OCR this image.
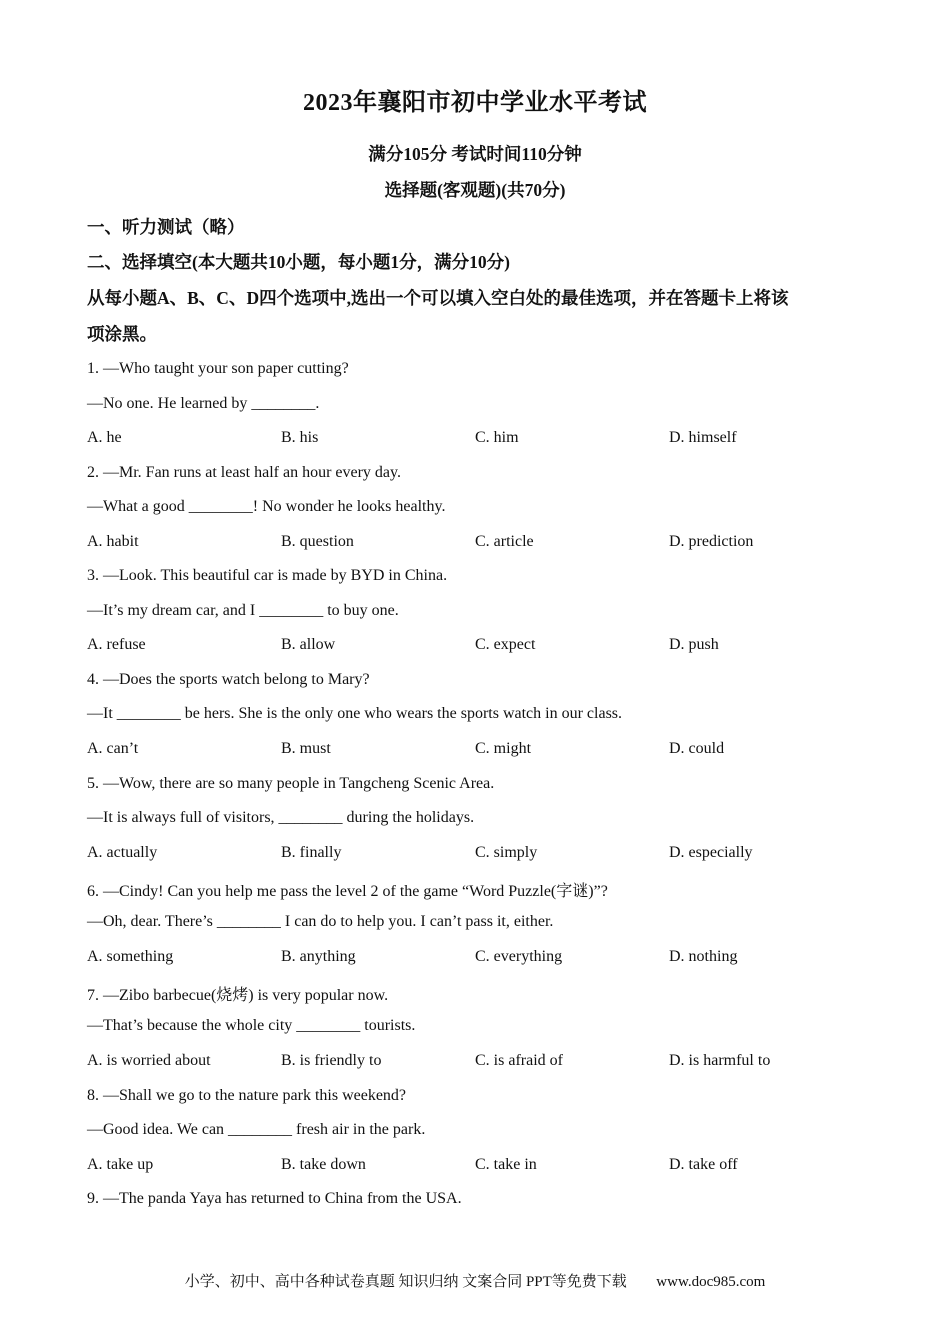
2023年襄阳市初中学业水平考试
满分105分 考试时间110分钟
选择题(客观题)(共70分)
一、听力测试（略）
二、选择填空(本大题共10小题，每小题1分，满分10分)
从每小题A、B、C、D四个选项中,选出一个可以填入空白处的最佳选项，并在答题卡上将该
项涂黑。
1. —Who taught your son paper cutting?
—No one. He learned by ________.
A. he	B. his	C. him	D. himself
2. —Mr. Fan runs at least half an hour every day.
—What a good ________! No wonder he looks healthy.
A. habit	B. question	C. article	D. prediction
3. —Look. This beautiful car is made by BYD in China.
—It’s my dream car, and I ________ to buy one.
A. refuse	B. allow	C. expect	D. push
4. —Does the sports watch belong to Mary?
—It ________ be hers. She is the only one who wears the sports watch in our class.
A. can’t	B. must	C. might	D. could
5. —Wow, there are so many people in Tangcheng Scenic Area.
—It is always full of visitors, ________ during the holidays.
A. actually	B. finally	C. simply	D. especially
6. —Cindy! Can you help me pass the level 2 of the game “Word Puzzle(字谜)”?
—Oh, dear. There’s ________ I can do to help you. I can’t pass it, either.
A. something	B. anything	C. everything	D. nothing
7. —Zibo barbecue(烧烤) is very popular now.
—That’s because the whole city ________ tourists.
A. is worried about	B. is friendly to	C. is afraid of	D. is harmful to
8. —Shall we go to the nature park this weekend?
—Good idea. We can ________ fresh air in the park.
A. take up	B. take down	C. take in	D. take off
9. —The panda Yaya has returned to China from the USA.
小学、初中、高中各种试卷真题 知识归纳 文案合同 PPT等免费下载 www.doc985.com
